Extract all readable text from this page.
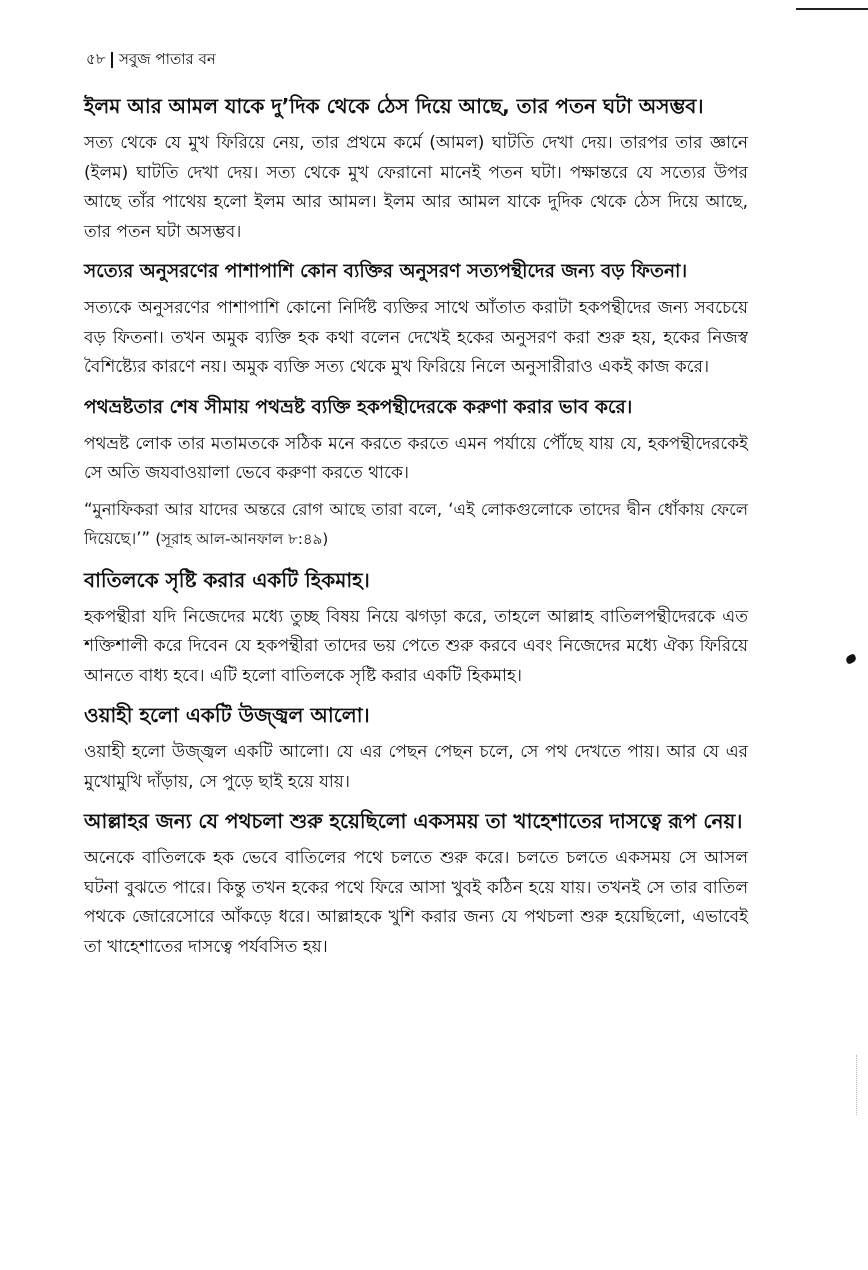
৫৮ সবুজ পাতার বন
ইলম আর আমল যাকে দু’দিক থেকে ঠেস দিয়ে আছে, তার পতন ঘটা অসম্ভব।
সত্য থেকে যে মুখ ফিরিয়ে নেয়, তার প্রথমে কর্মে (আমল) ঘাটতি দেখা দেয়। তারপর তার জ্ঞানে (ইলম) ঘাটতি দেখা দেয়। সত্য থেকে মুখ ফেরানো মানেই পতন ঘটা। পক্ষান্তরে যে সত্যের উপর আছে তাঁর পাথেয় হলো ইলম আর আমল। ইলম আর আমল যাকে দুদিক থেকে ঠেস দিয়ে আছে, তার পতন ঘটা অসম্ভব।
সত্যের অনুসরণের পাশাপাশি কোন ব্যক্তির অনুসরণ সত্যপন্থীদের জন্য বড় ফিতনা।
সত্যকে অনুসরণের পাশাপাশি কোনো নির্দিষ্ট ব্যক্তির সাথে আঁতাত করাটা হকপন্থীদের জন্য সবচেয়ে বড় ফিতনা। তখন অমুক ব্যক্তি হক কথা বলেন দেখেই হকের অনুসরণ করা শুরু হয়, হকের নিজস্ব বৈশিষ্ট্যের কারণে নয়। অমুক ব্যক্তি সত্য থেকে মুখ ফিরিয়ে নিলে অনুসারীরাও একই কাজ করে।
পথভ্রষ্টতার শেষ সীমায় পথভ্রষ্ট ব্যক্তি হকপন্থীদেরকে করুণা করার ভাব করে।
পথভ্রষ্ট লোক তার মতামতকে সঠিক মনে করতে করতে এমন পর্যায়ে পৌঁছে যায় যে, হকপন্থীদেরকেই সে অতি জযবাওয়ালা ভেবে করুণা করতে থাকে।
“মুনাফিকরা আর যাদের অন্তরে রোগ আছে তারা বলে, ‘এই লোকগুলোকে তাদের দ্বীন ধোঁকায় ফেলে দিয়েছে।’” (সূরাহ আল-আনফাল ৮:৪৯)
বাতিলকে সৃষ্টি করার একটি হিকমাহ।
হকপন্থীরা যদি নিজেদের মধ্যে তুচ্ছ বিষয় নিয়ে ঝগড়া করে, তাহলে আল্লাহ বাতিলপন্থীদেরকে এত শক্তিশালী করে দিবেন যে হকপন্থীরা তাদের ভয় পেতে শুরু করবে এবং নিজেদের মধ্যে ঐক্য ফিরিয়ে আনতে বাধ্য হবে। এটি হলো বাতিলকে সৃষ্টি করার একটি হিকমাহ।
ওয়াহী হলো একটি উজ্জ্বল আলো।
ওয়াহী হলো উজ্জ্বল একটি আলো। যে এর পেছন পেছন চলে, সে পথ দেখতে পায়। আর যে এর মুখোমুখি দাঁড়ায়, সে পুড়ে ছাই হয়ে যায়।
আল্লাহর জন্য যে পথচলা শুরু হয়েছিলো একসময় তা খাহেশাতের দাসত্বে রূপ নেয়।
অনেকে বাতিলকে হক ভেবে বাতিলের পথে চলতে শুরু করে। চলতে চলতে একসময় সে আসল ঘটনা বুঝতে পারে। কিন্তু তখন হকের পথে ফিরে আসা খুবই কঠিন হয়ে যায়। তখনই সে তার বাতিল পথকে জোরেসোরে আঁকড়ে ধরে। আল্লাহকে খুশি করার জন্য যে পথচলা শুরু হয়েছিলো, এভাবেই তা খাহেশাতের দাসত্বে পর্যবসিত হয়।
